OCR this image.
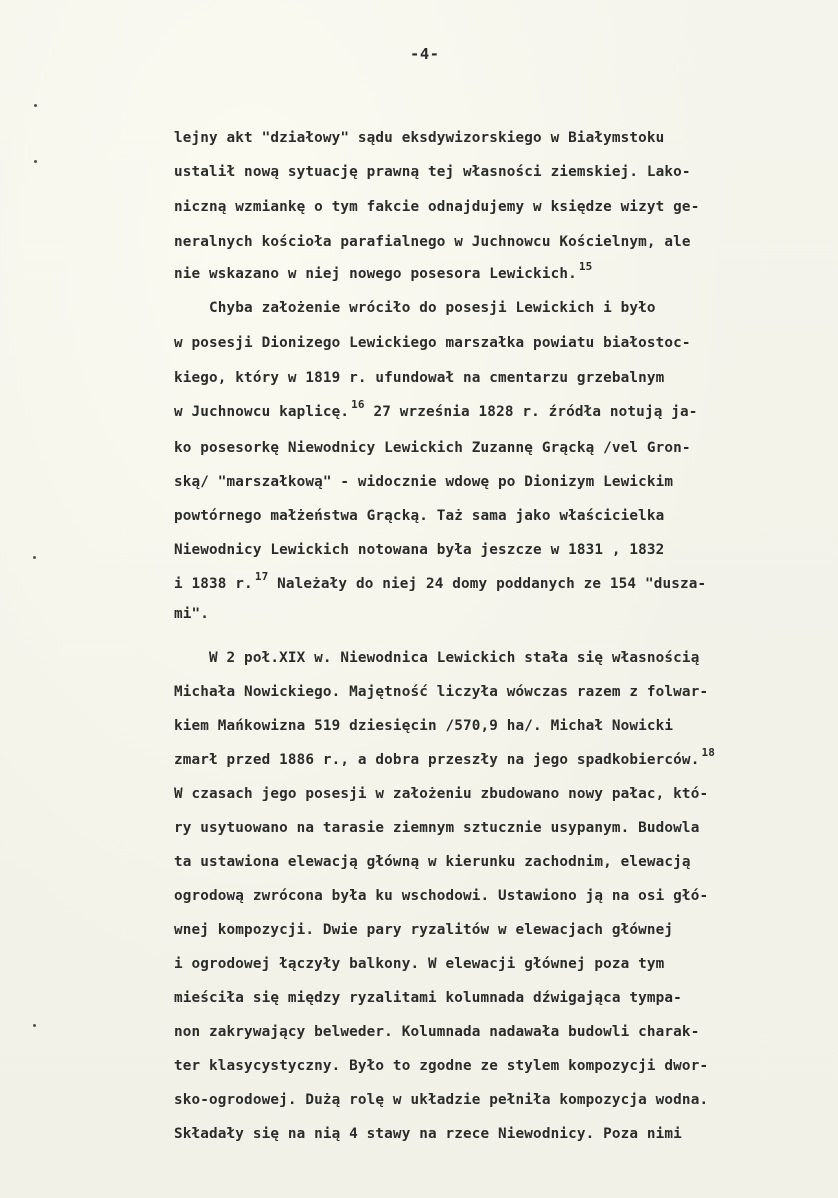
-4-
lejny akt "działowy" sądu eksdywizorskiego w Białymstoku
ustalił nową sytuację prawną tej własności ziemskiej. Lako-
niczną wzmiankę o tym fakcie odnajdujemy w księdze wizyt ge-
neralnych kościoła parafialnego w Juchnowcu Kościelnym, ale
nie wskazano w niej nowego posesora Lewickich. $^{15}$
Chyba założenie wróciło do posesji Lewickich i było
w posesji Dionizego Lewickiego marszałka powiatu białostoc-
kiego, który w 1819 r. ufundował na cmentarzu grzebalnym
w Juchnowcu kaplicę. $^{16}$ 27 września 1828 r. źródła notują ja-
ko posesorkę Niewodnicy Lewickich Zuzannę Grącką /vel Gron-
ską/ "marszałkową" - widocznie wdowę po Dionizym Lewickim
powtórnego małżeństwa Grącką. Taż sama jako właścicielka
Niewodnicy Lewickich notowana była jeszcze w 1831 , 1832
i 1838 r. $^{17}$ Należały do niej 24 domy poddanych ze 154 "dusza-
mi".
W 2 poł.XIX w. Niewodnica Lewickich stała się własnością
Michała Nowickiego. Majętność liczyła wówczas razem z folwar-
kiem Mańkowizna 519 dziesięcin /570,9 ha/. Michał Nowicki
zmarł przed 1886 r., a dobra przeszły na jego spadkobierców. $^{18}$
W czasach jego posesji w założeniu zbudowano nowy pałac, któ-
ry usytuowano na tarasie ziemnym sztucznie usypanym. Budowla
ta ustawiona elewacją główną w kierunku zachodnim, elewacją
ogrodową zwrócona była ku wschodowi. Ustawiono ją na osi głó-
wnej kompozycji. Dwie pary ryzalitów w elewacjach głównej
i ogrodowej łączyły balkony. W elewacji głównej poza tym
mieściła się między ryzalitami kolumnada dźwigająca tympa-
non zakrywający belweder. Kolumnada nadawała budowli charak-
ter klasycystyczny. Było to zgodne ze stylem kompozycji dwor-
sko-ogrodowej. Dużą rolę w układzie pełniła kompozycja wodna.
Składały się na nią 4 stawy na rzece Niewodnicy. Poza nimi
